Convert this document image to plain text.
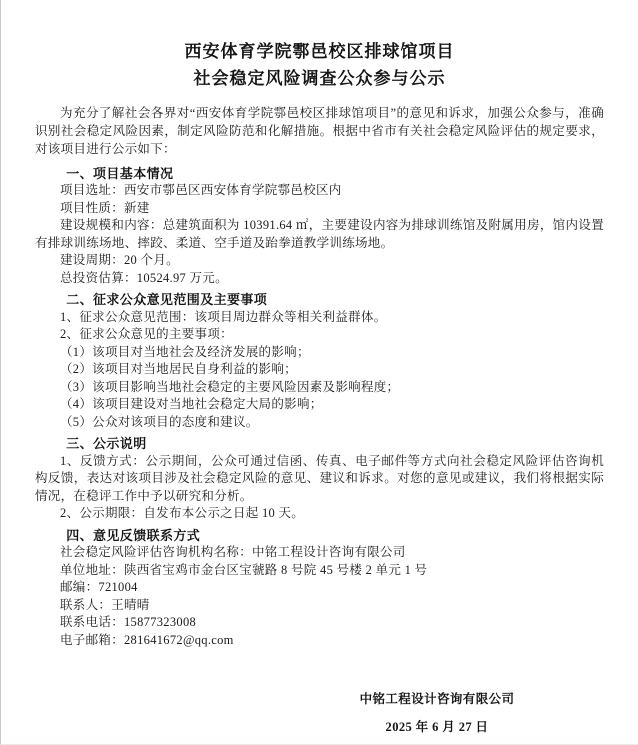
西安体育学院鄠邑校区排球馆项目
社会稳定风险调查公众参与公示

为充分了解社会各界对“西安体育学院鄠邑校区排球馆项目”的意见和诉求，加强公众参与，准确识别社会稳定风险因素，制定风险防范和化解措施。根据中省市有关社会稳定风险评估的规定要求，对该项目进行公示如下：

一、项目基本情况

项目选址：西安市鄠邑区西安体育学院鄠邑校区内

项目性质：新建

建设规模和内容：总建筑面积为 10391.64 ㎡，主要建设内容为排球训练馆及附属用房，馆内设置有排球训练场地、摔跤、柔道、空手道及跆拳道教学训练场地。

建设周期：20 个月。

总投资估算：10524.97 万元。

二、征求公众意见范围及主要事项

1、征求公众意见范围：该项目周边群众等相关利益群体。

2、征求公众意见的主要事项：

（1）该项目对当地社会及经济发展的影响；

（2）该项目对当地居民自身利益的影响；

（3）该项目影响当地社会稳定的主要风险因素及影响程度；

（4）该项目建设对当地社会稳定大局的影响；

（5）公众对该项目的态度和建议。

三、公示说明

1、反馈方式：公示期间，公众可通过信函、传真、电子邮件等方式向社会稳定风险评估咨询机构反馈，表达对该项目涉及社会稳定风险的意见、建议和诉求。对您的意见或建议，我们将根据实际情况，在稳评工作中予以研究和分析。

2、公示期限：自发布本公示之日起 10 天。

四、意见反馈联系方式

社会稳定风险评估咨询机构名称：中铭工程设计咨询有限公司

单位地址：陕西省宝鸡市金台区宝虢路 8 号院 45 号楼 2 单元 1 号

邮编：721004

联系人：王晴晴

联系电话：15877323008

电子邮箱：281641672@qq.com

中铭工程设计咨询有限公司

2025 年 6 月 27 日
